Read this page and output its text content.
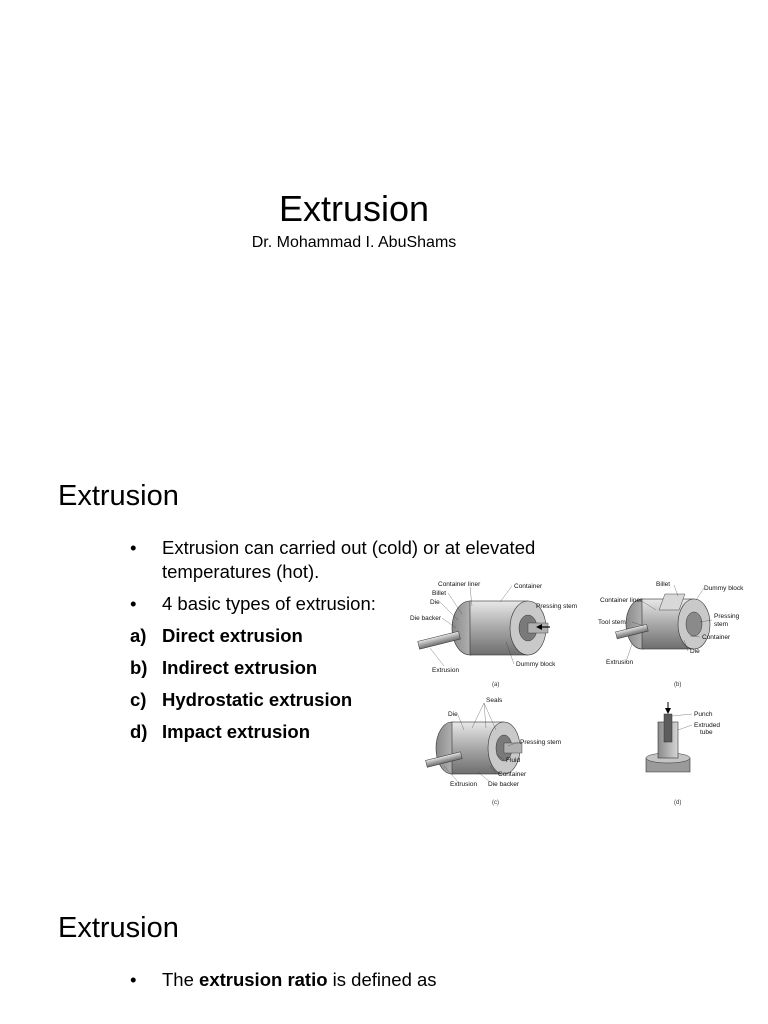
Extrusion
Dr. Mohammad I. AbuShams
Extrusion
• Extrusion can carried out (cold) or at elevated temperatures (hot).
• 4 basic types of extrusion:
a) Direct extrusion
b) Indirect extrusion
c) Hydrostatic extrusion
d) Impact extrusion
Container liner
Billet
Die
Die backer
Container
Pressing stem
Dummy block
Extrusion
(a)
Billet
Dummy block
Container liner
Tool stem
Pressing
stem
Container
Die
Extrusion
(b)
Seals
Die
Pressing stem
Fluid
Container
Extrusion Die backer
(c)
Punch
Extruded
tube
(d)
Extrusion
• The extrusion ratio is defined as
